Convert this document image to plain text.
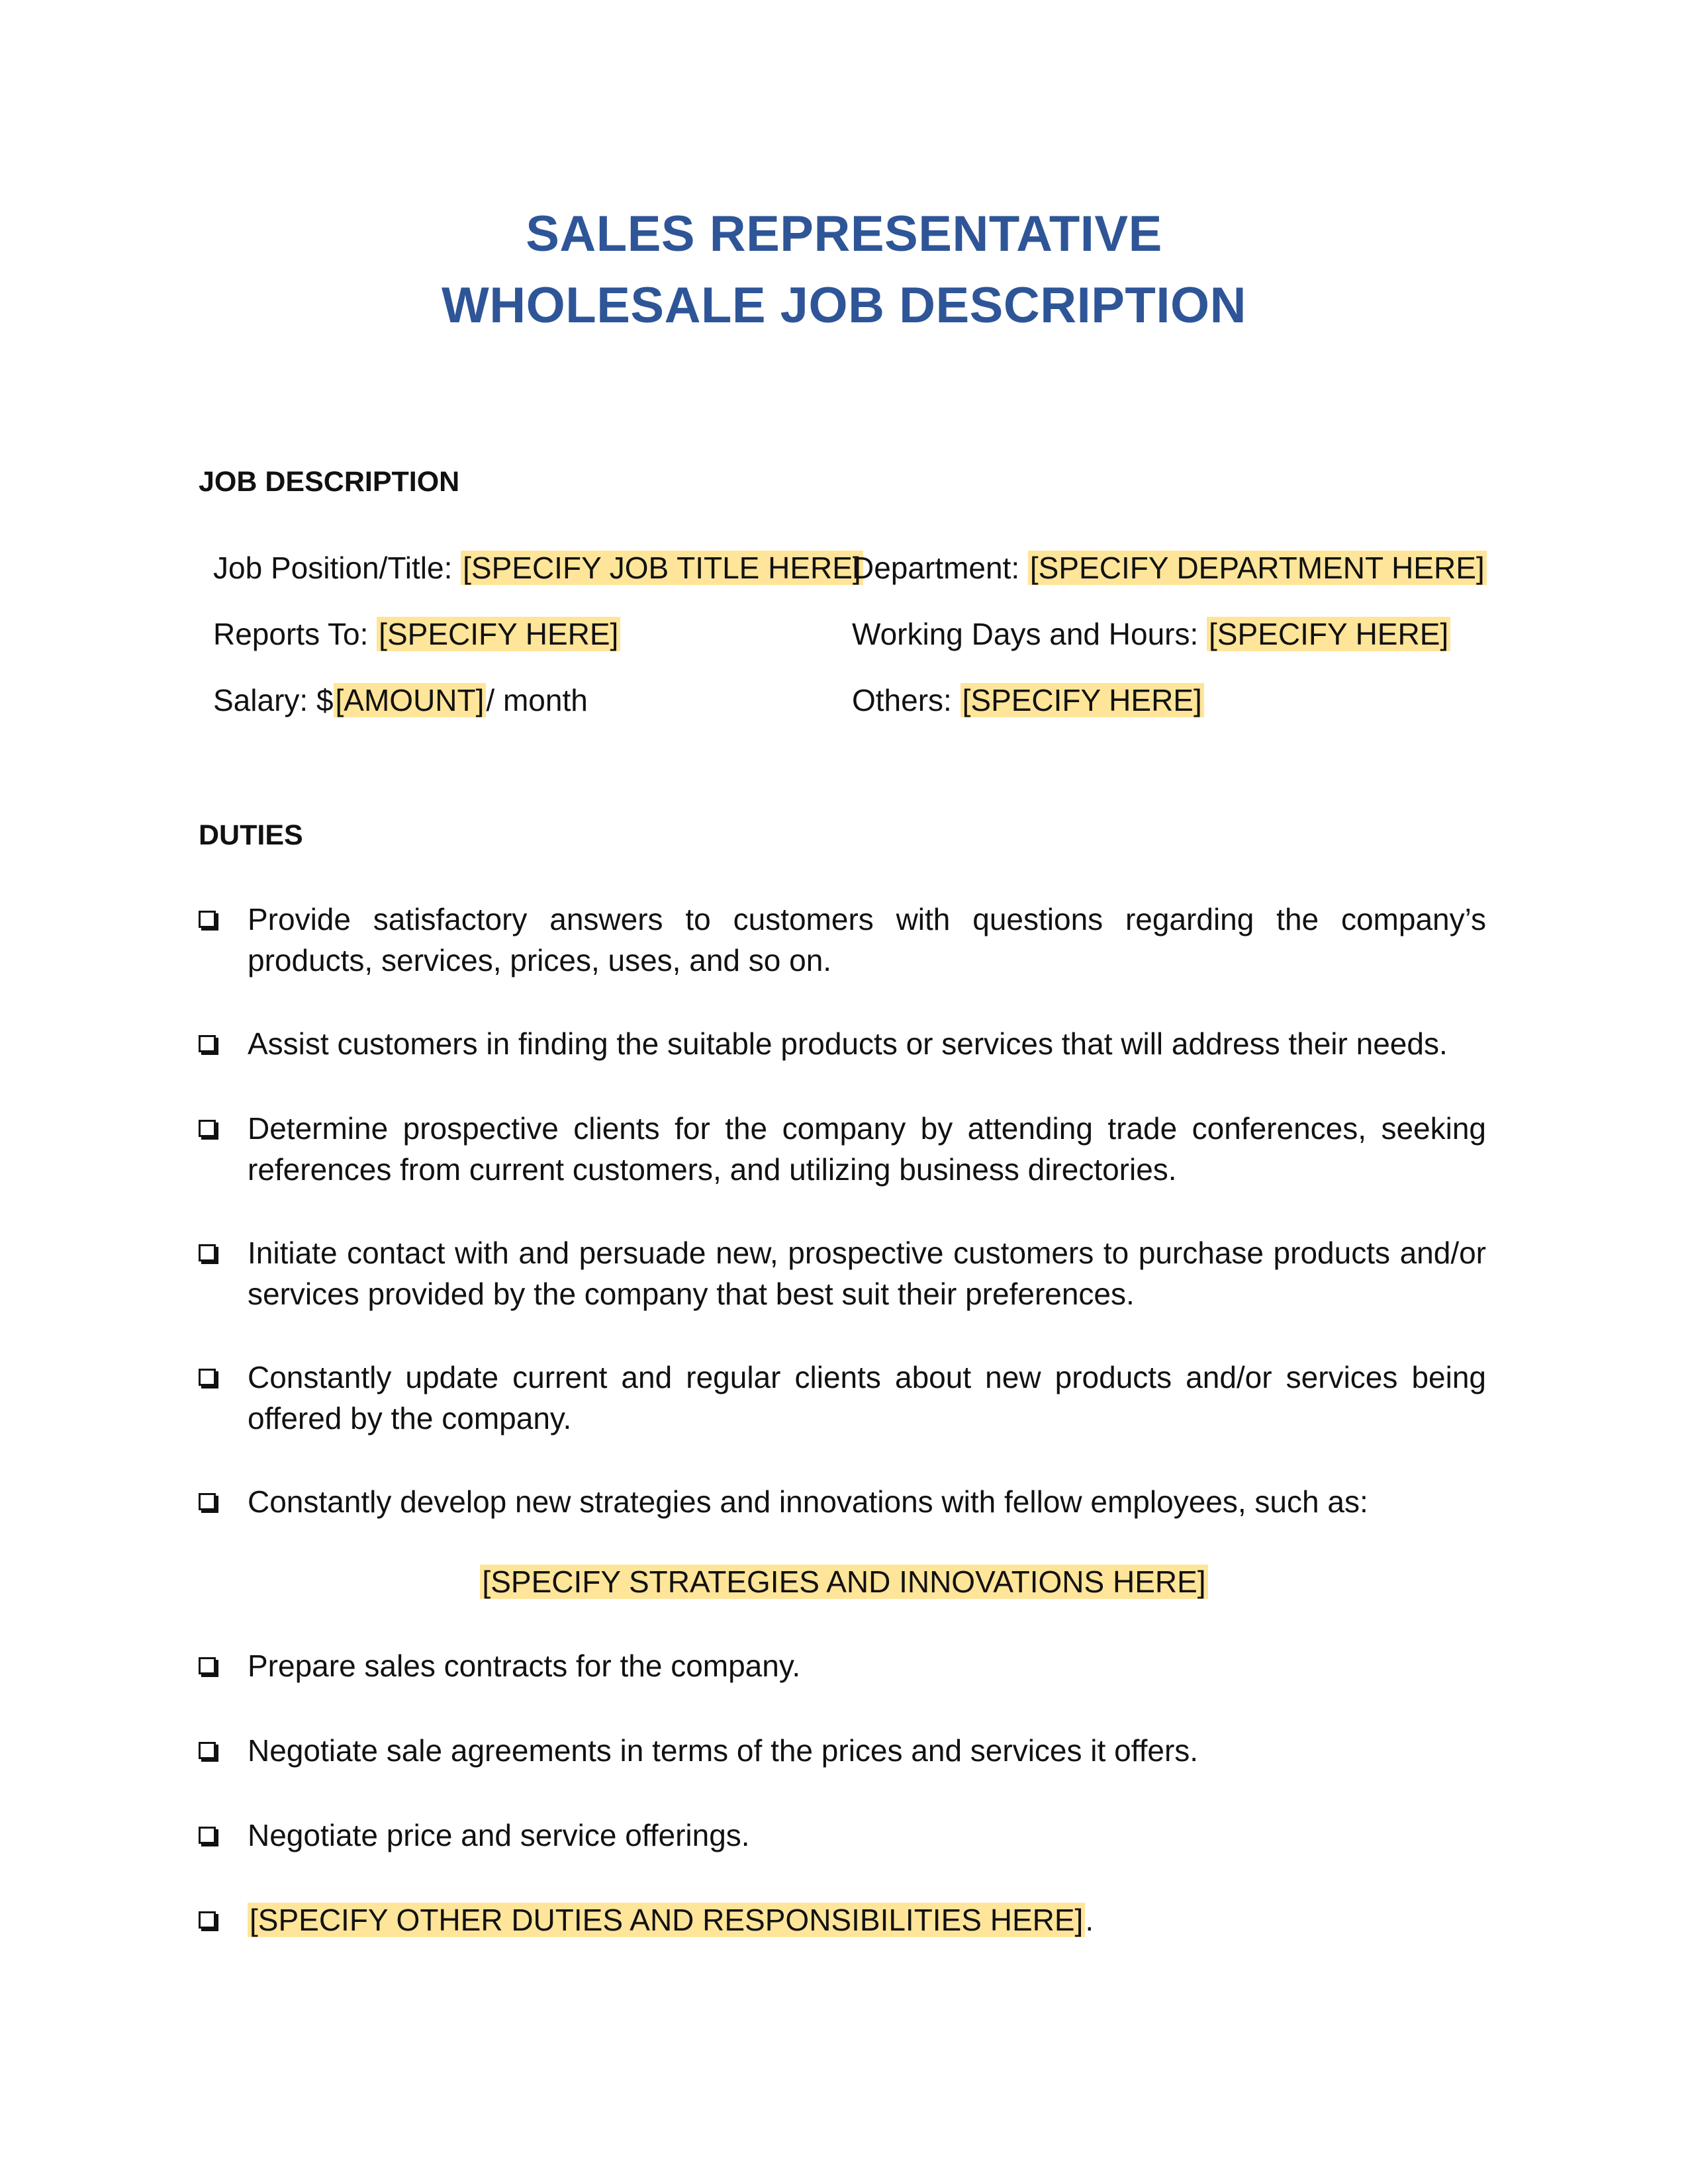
SALES REPRESENTATIVE
WHOLESALE JOB DESCRIPTION
JOB DESCRIPTION
Job Position/Title: [SPECIFY JOB TITLE HERE]
Department: [SPECIFY DEPARTMENT HERE]
Reports To: [SPECIFY HERE]	Working Days and Hours: [SPECIFY HERE]
Salary: $[AMOUNT]/ month	Others: [SPECIFY HERE]
DUTIES
Provide satisfactory answers to customers with questions regarding the company’s products, services, prices, uses, and so on.
Assist customers in finding the suitable products or services that will address their needs.
Determine prospective clients for the company by attending trade conferences, seeking references from current customers, and utilizing business directories.
Initiate contact with and persuade new, prospective customers to purchase products and/or services provided by the company that best suit their preferences.
Constantly update current and regular clients about new products and/or services being offered by the company.
Constantly develop new strategies and innovations with fellow employees, such as:
[SPECIFY STRATEGIES AND INNOVATIONS HERE]
Prepare sales contracts for the company.
Negotiate sale agreements in terms of the prices and services it offers.
Negotiate price and service offerings.
[SPECIFY OTHER DUTIES AND RESPONSIBILITIES HERE].
